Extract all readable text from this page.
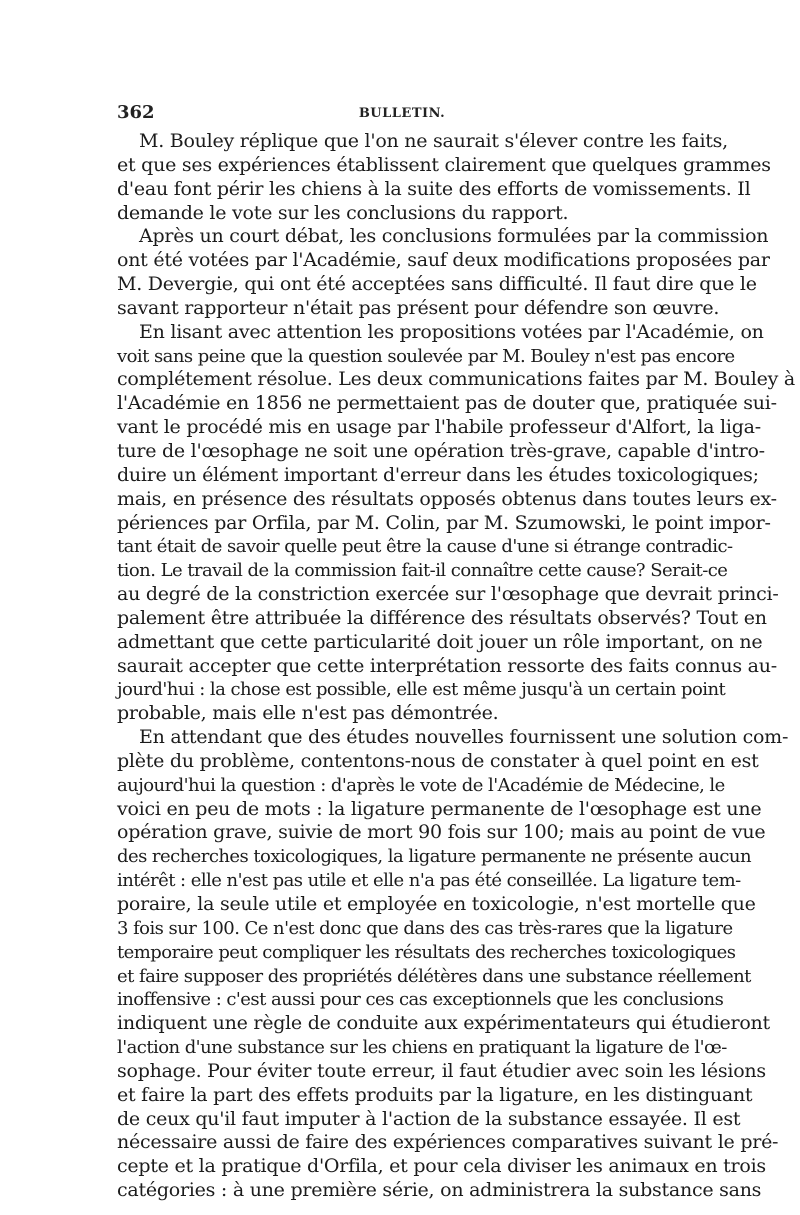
362	BULLETIN.
M. Bouley réplique que l'on ne saurait s'élever contre les faits,
et que ses expériences établissent clairement que quelques grammes
d'eau font périr les chiens à la suite des efforts de vomissements. Il
demande le vote sur les conclusions du rapport.
Après un court débat, les conclusions formulées par la commission
ont été votées par l'Académie, sauf deux modifications proposées par
M. Devergie, qui ont été acceptées sans difficulté. Il faut dire que le
savant rapporteur n'était pas présent pour défendre son œuvre.
En lisant avec attention les propositions votées par l'Académie, on
voit sans peine que la question soulevée par M. Bouley n'est pas encore
complétement résolue. Les deux communications faites par M. Bouley à
l'Académie en 1856 ne permettaient pas de douter que, pratiquée sui-
vant le procédé mis en usage par l'habile professeur d'Alfort, la liga-
ture de l'œsophage ne soit une opération très-grave, capable d'intro-
duire un élément important d'erreur dans les études toxicologiques;
mais, en présence des résultats opposés obtenus dans toutes leurs ex-
périences par Orfila, par M. Colin, par M. Szumowski, le point impor-
tant était de savoir quelle peut être la cause d'une si étrange contradic-
tion. Le travail de la commission fait-il connaître cette cause? Serait-ce
au degré de la constriction exercée sur l'œsophage que devrait princi-
palement être attribuée la différence des résultats observés? Tout en
admettant que cette particularité doit jouer un rôle important, on ne
saurait accepter que cette interprétation ressorte des faits connus au-
jourd'hui : la chose est possible, elle est même jusqu'à un certain point
probable, mais elle n'est pas démontrée.
En attendant que des études nouvelles fournissent une solution com-
plète du problème, contentons-nous de constater à quel point en est
aujourd'hui la question : d'après le vote de l'Académie de Médecine, le
voici en peu de mots : la ligature permanente de l'œsophage est une
opération grave, suivie de mort 90 fois sur 100; mais au point de vue
des recherches toxicologiques, la ligature permanente ne présente aucun
intérêt : elle n'est pas utile et elle n'a pas été conseillée. La ligature tem-
poraire, la seule utile et employée en toxicologie, n'est mortelle que
3 fois sur 100. Ce n'est donc que dans des cas très-rares que la ligature
temporaire peut compliquer les résultats des recherches toxicologiques
et faire supposer des propriétés délétères dans une substance réellement
inoffensive : c'est aussi pour ces cas exceptionnels que les conclusions
indiquent une règle de conduite aux expérimentateurs qui étudieront
l'action d'une substance sur les chiens en pratiquant la ligature de l'œ-
sophage. Pour éviter toute erreur, il faut étudier avec soin les lésions
et faire la part des effets produits par la ligature, en les distinguant
de ceux qu'il faut imputer à l'action de la substance essayée. Il est
nécessaire aussi de faire des expériences comparatives suivant le pré-
cepte et la pratique d'Orfila, et pour cela diviser les animaux en trois
catégories : à une première série, on administrera la substance sans
